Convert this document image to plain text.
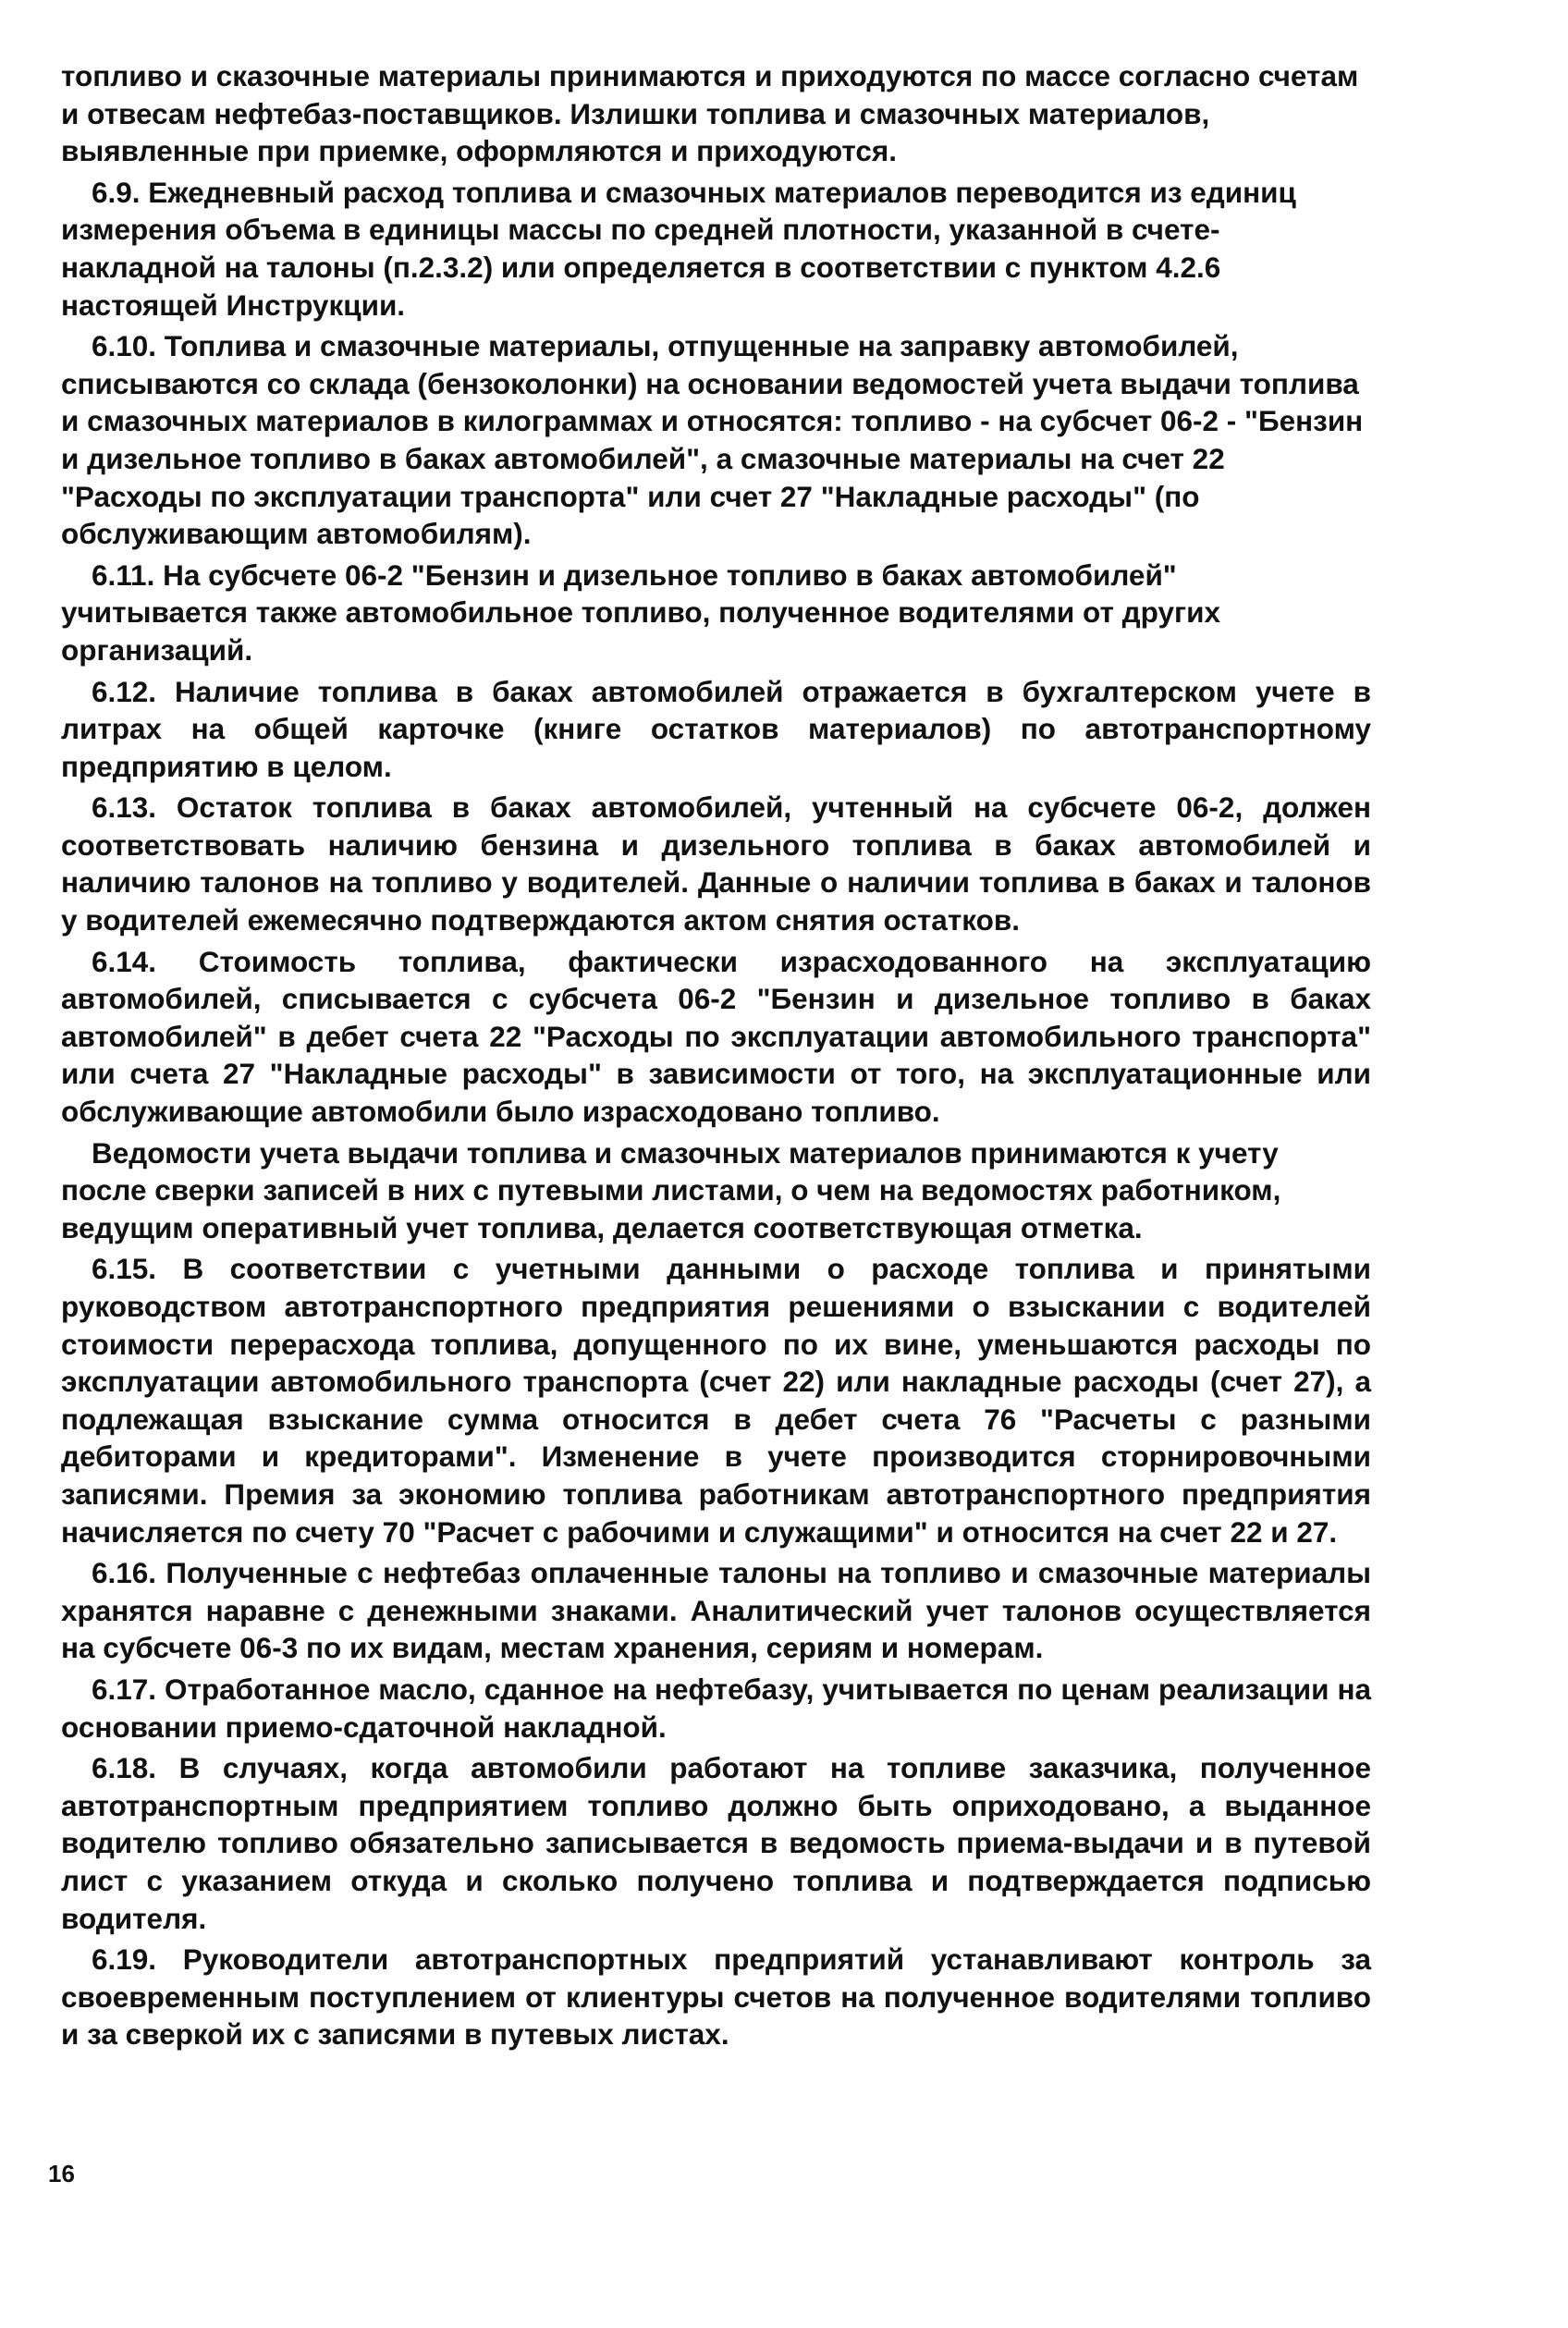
топливо и сказочные материалы принимаются и приходуются по массе согласно счетам и отвесам нефтебаз-поставщиков. Излишки топлива и смазочных материалов, выявленные при приемке, оформляются и приходуются.

6.9. Ежедневный расход топлива и смазочных материалов переводится из единиц измерения объема в единицы массы по средней плотности, указанной в счете-накладной на талоны (п.2.3.2) или определяется в соответствии с пунктом 4.2.6 настоящей Инструкции.

6.10. Топлива и смазочные материалы, отпущенные на заправку автомобилей, списываются со склада (бензоколонки) на основании ведомостей учета выдачи топлива и смазочных материалов в килограммах и относятся: топливо - на субсчет 06-2 - "Бензин и дизельное топливо в баках автомобилей", а смазочные материалы на счет 22 "Расходы по эксплуатации транспорта" или счет 27 "Накладные расходы" (по обслуживающим автомобилям).

6.11. На субсчете 06-2 "Бензин и дизельное топливо в баках автомобилей" учитывается также автомобильное топливо, полученное водителями от других организаций.

6.12. Наличие топлива в баках автомобилей отражается в бухгалтерском учете в литрах на общей карточке (книге остатков материалов) по автотранспортному предприятию в целом.

6.13. Остаток топлива в баках автомобилей, учтенный на субсчете 06-2, должен соответствовать наличию бензина и дизельного топлива в баках автомобилей и наличию талонов на топливо у водителей. Данные о наличии топлива в баках и талонов у водителей ежемесячно подтверждаются актом снятия остатков.

6.14. Стоимость топлива, фактически израсходованного на эксплуатацию автомобилей, списывается с субсчета 06-2 "Бензин и дизельное топливо в баках автомобилей" в дебет счета 22 "Расходы по эксплуатации автомобильного транспорта" или счета 27 "Накладные расходы" в зависимости от того, на эксплуатационные или обслуживающие автомобили было израсходовано топливо.

Ведомости учета выдачи топлива и смазочных материалов принимаются к учету после сверки записей в них с путевыми листами, о чем на ведомостях работником, ведущим оперативный учет топлива, делается соответствующая отметка.

6.15. В соответствии с учетными данными о расходе топлива и принятыми руководством автотранспортного предприятия решениями о взыскании с водителей стоимости перерасхода топлива, допущенного по их вине, уменьшаются расходы по эксплуатации автомобильного транспорта (счет 22) или накладные расходы (счет 27), а подлежащая взыскание сумма относится в дебет счета 76 "Расчеты с разными дебиторами и кредиторами". Изменение в учете производится сторнировочными записями. Премия за экономию топлива работникам автотранспортного предприятия начисляется по счету 70 "Расчет с рабочими и служащими" и относится на счет 22 и 27.

6.16. Полученные с нефтебаз оплаченные талоны на топливо и смазочные материалы хранятся наравне с денежными знаками. Аналитический учет талонов осуществляется на субсчете 06-3 по их видам, местам хранения, сериям и номерам.

6.17. Отработанное масло, сданное на нефтебазу, учитывается по ценам реализации на основании приемо-сдаточной накладной.

6.18. В случаях, когда автомобили работают на топливе заказчика, полученное автотранспортным предприятием топливо должно быть оприходовано, а выданное водителю топливо обязательно записывается в ведомость приема-выдачи и в путевой лист с указанием откуда и сколько получено топлива и подтверждается подписью водителя.

6.19. Руководители автотранспортных предприятий устанавливают контроль за своевременным поступлением от клиентуры счетов на полученное водителями топливо и за сверкой их с записями в путевых листах.

16
